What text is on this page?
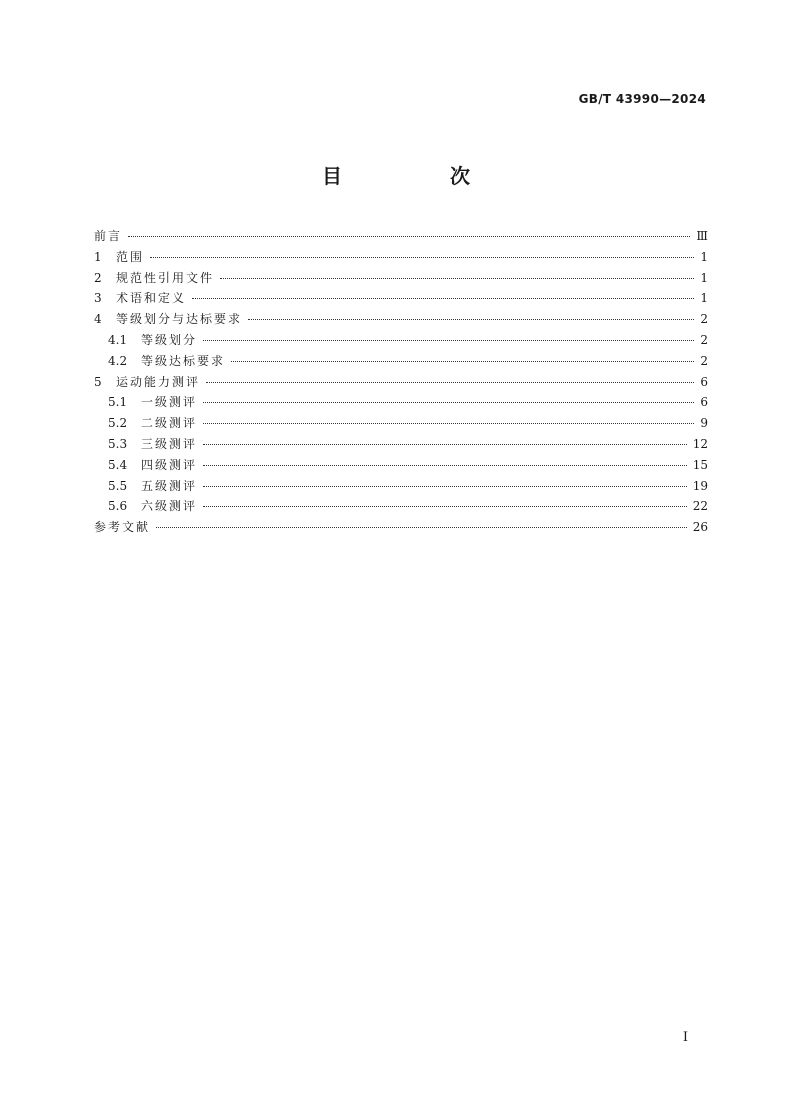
GB/T 43990—2024
目　次
前言	Ⅲ
1	范围	1
2	规范性引用文件	1
3	术语和定义	1
4	等级划分与达标要求	2
4.1	等级划分	2
4.2	等级达标要求	2
5	运动能力测评	6
5.1	一级测评	6
5.2	二级测评	9
5.3	三级测评	12
5.4	四级测评	15
5.5	五级测评	19
5.6	六级测评	22
参考文献	26
I
